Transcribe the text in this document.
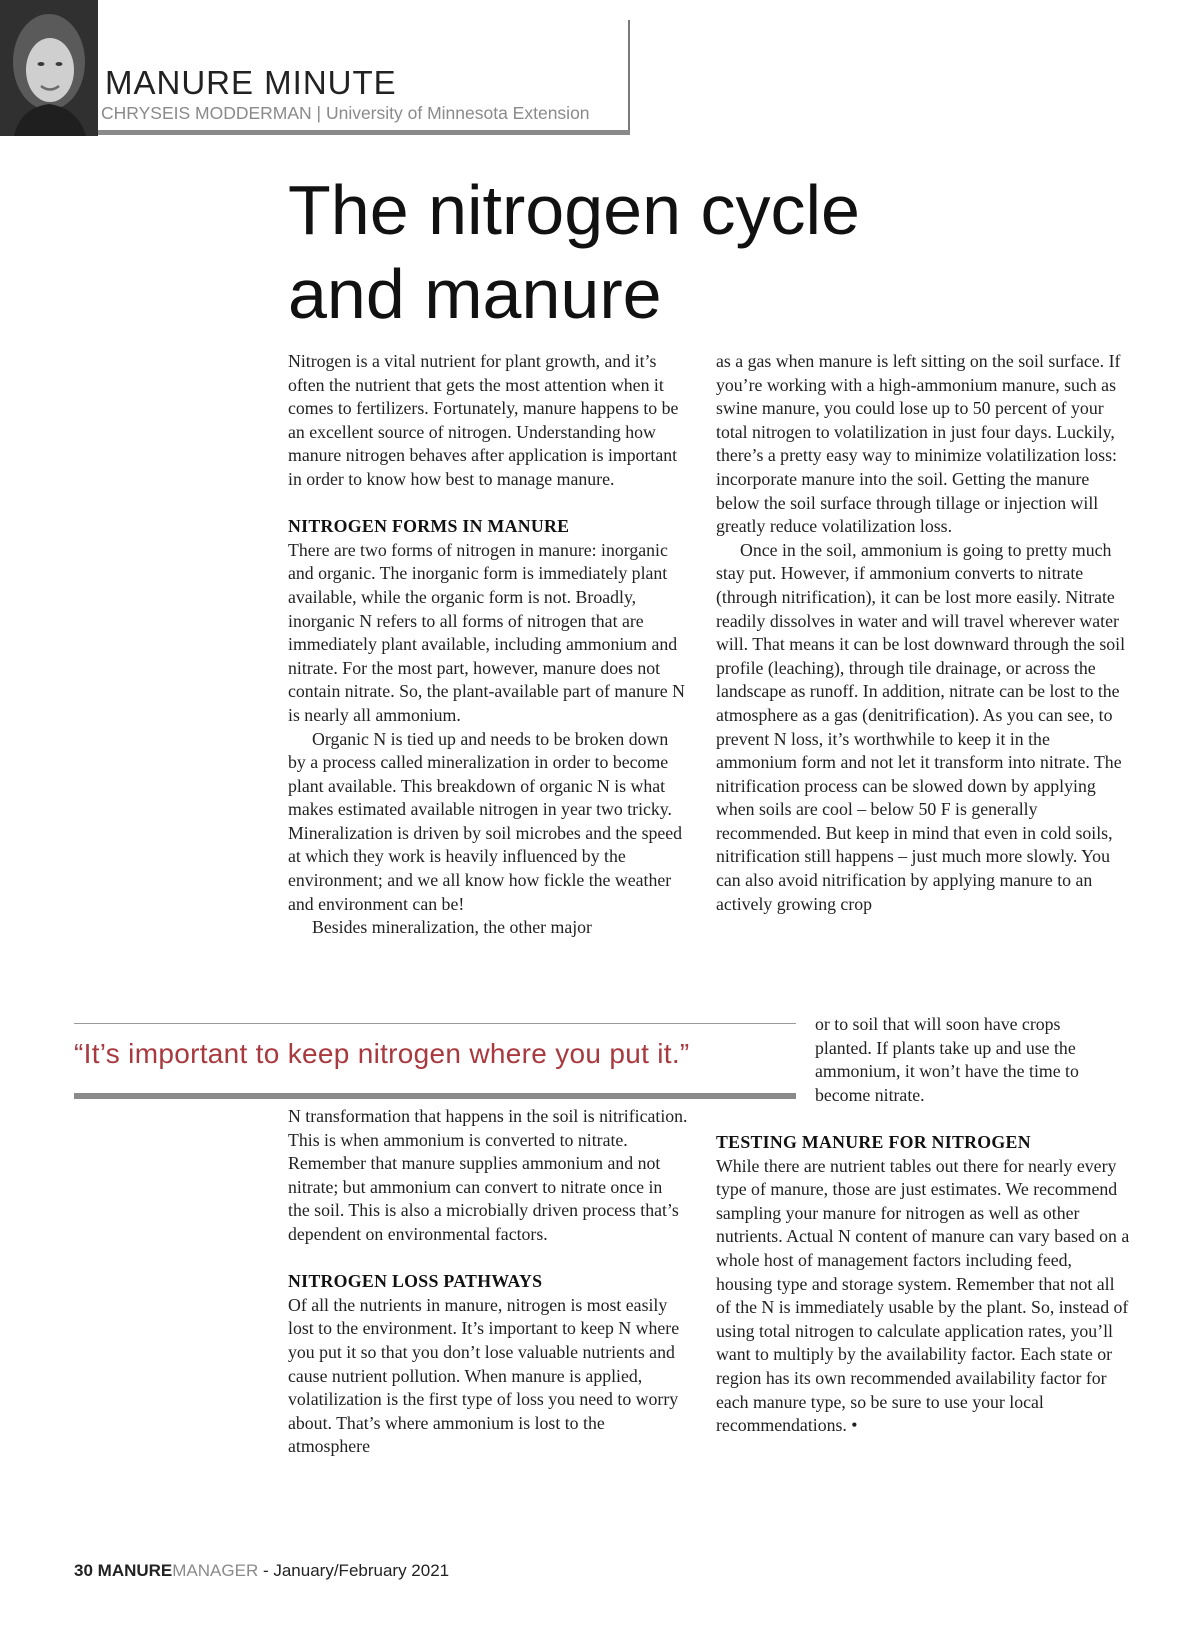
MANURE MINUTE
CHRYSEIS MODDERMAN | University of Minnesota Extension
The nitrogen cycle
and manure

Nitrogen is a vital nutrient for plant growth, and it’s often the nutrient that gets the most attention when it comes to fertilizers. Fortunately, manure happens to be an excellent source of nitrogen. Understanding how manure nitrogen behaves after application is important in order to know how best to manage manure.

NITROGEN FORMS IN MANURE

There are two forms of nitrogen in manure: inorganic and organic. The inorganic form is immediately plant available, while the organic form is not. Broadly, inorganic N refers to all forms of nitrogen that are immediately plant available, including ammonium and nitrate. For the most part, however, manure does not contain nitrate. So, the plant-available part of manure N is nearly all ammonium.

Organic N is tied up and needs to be broken down by a process called mineralization in order to become plant available. This breakdown of organic N is what makes estimated available nitrogen in year two tricky. Mineralization is driven by soil microbes and the speed at which they work is heavily influenced by the environment; and we all know how fickle the weather and environment can be!

Besides mineralization, the other major

“It’s important to keep nitrogen where you put it.”

N transformation that happens in the soil is nitrification. This is when ammonium is converted to nitrate. Remember that manure supplies ammonium and not nitrate; but ammonium can convert to nitrate once in the soil. This is also a microbially driven process that’s dependent on environmental factors.

NITROGEN LOSS PATHWAYS

Of all the nutrients in manure, nitrogen is most easily lost to the environment. It’s important to keep N where you put it so that you don’t lose valuable nutrients and cause nutrient pollution. When manure is applied, volatilization is the first type of loss you need to worry about. That’s where ammonium is lost to the atmosphere

as a gas when manure is left sitting on the soil surface. If you’re working with a high-ammonium manure, such as swine manure, you could lose up to 50 percent of your total nitrogen to volatilization in just four days. Luckily, there’s a pretty easy way to minimize volatilization loss: incorporate manure into the soil. Getting the manure below the soil surface through tillage or injection will greatly reduce volatilization loss.

Once in the soil, ammonium is going to pretty much stay put. However, if ammonium converts to nitrate (through nitrification), it can be lost more easily. Nitrate readily dissolves in water and will travel wherever water will. That means it can be lost downward through the soil profile (leaching), through tile drainage, or across the landscape as runoff. In addition, nitrate can be lost to the atmosphere as a gas (denitrification). As you can see, to prevent N loss, it’s worthwhile to keep it in the ammonium form and not let it transform into nitrate. The nitrification process can be slowed down by applying when soils are cool – below 50 F is generally recommended. But keep in mind that even in cold soils, nitrification still happens – just much more slowly. You can also avoid nitrification by applying manure to an actively growing crop

or to soil that will soon have crops planted. If plants take up and use the ammonium, it won’t have the time to become nitrate.

TESTING MANURE FOR NITROGEN

While there are nutrient tables out there for nearly every type of manure, those are just estimates. We recommend sampling your manure for nitrogen as well as other nutrients. Actual N content of manure can vary based on a whole host of management factors including feed, housing type and storage system. Remember that not all of the N is immediately usable by the plant. So, instead of using total nitrogen to calculate application rates, you’ll want to multiply by the availability factor. Each state or region has its own recommended availability factor for each manure type, so be sure to use your local recommendations. •

30 MANUREMANAGER - January/February 2021
